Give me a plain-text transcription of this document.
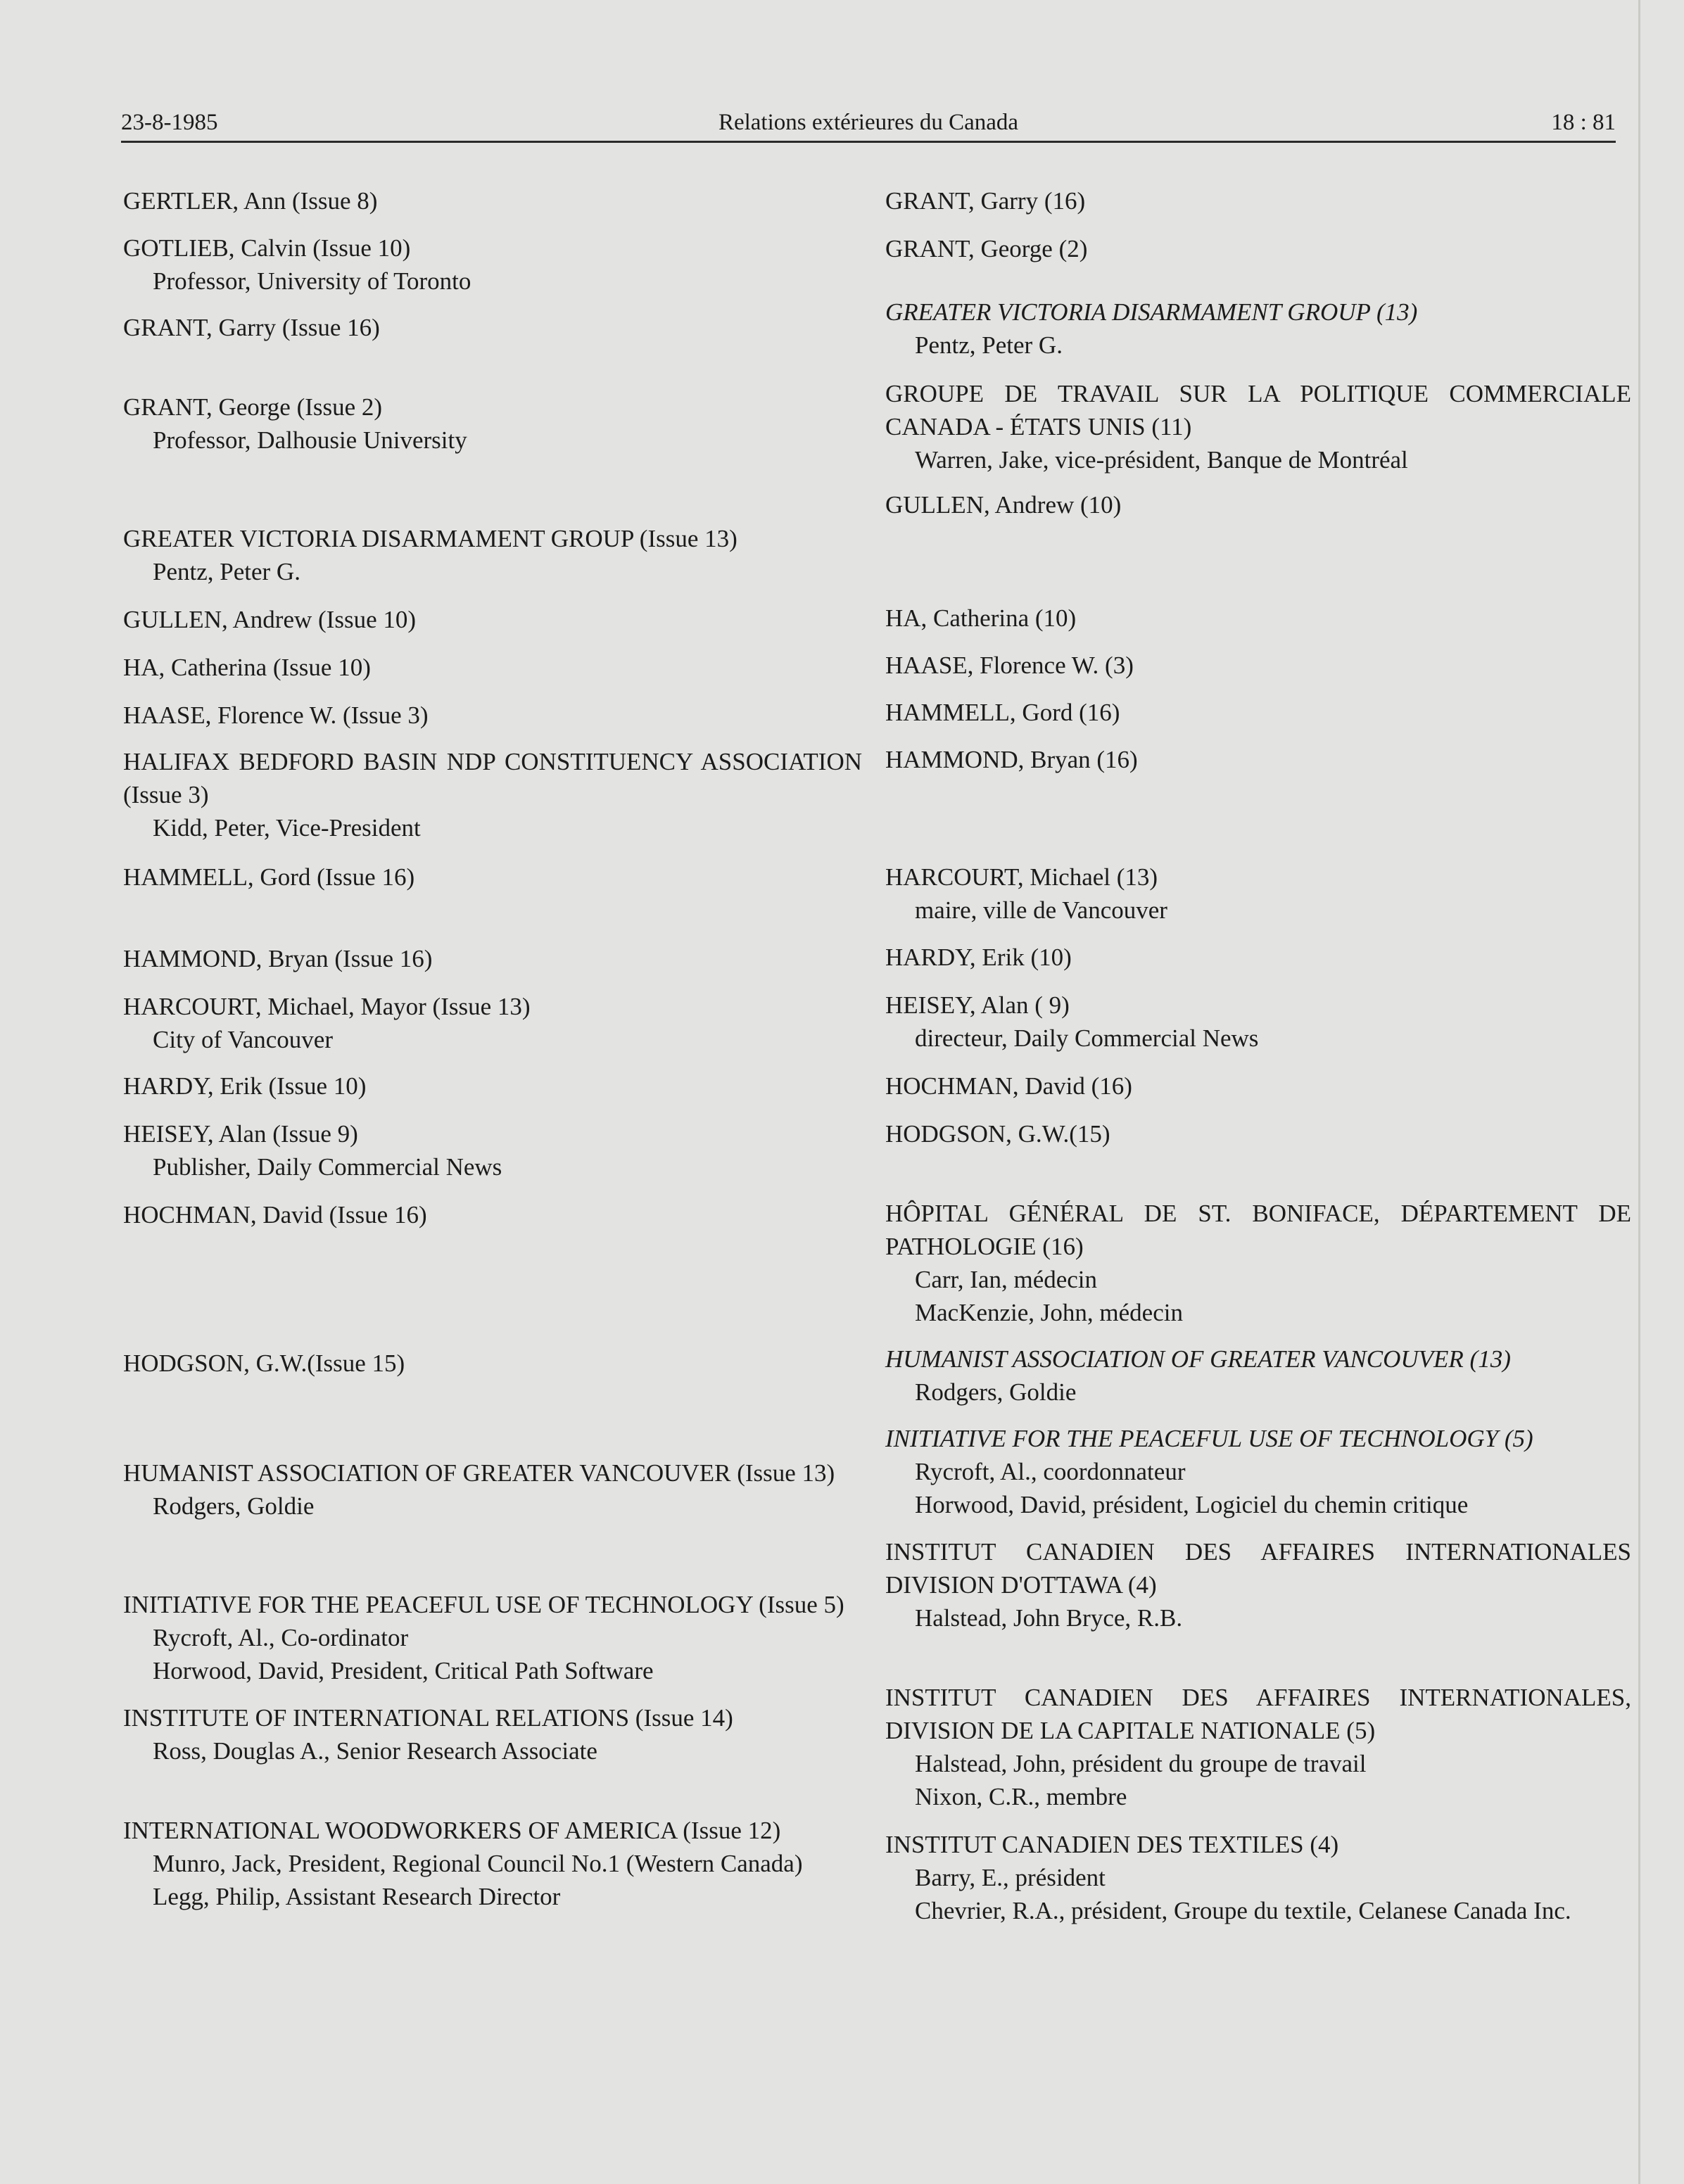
23-8-1985	Relations extérieures du Canada	18 : 81
GERTLER, Ann (Issue 8)
GOTLIEB, Calvin (Issue 10)
Professor, University of Toronto
GRANT, Garry (Issue 16)
GRANT, George (Issue 2)
Professor, Dalhousie University
GREATER VICTORIA DISARMAMENT GROUP (Issue 13)
Pentz, Peter G.
GULLEN, Andrew (Issue 10)
HA, Catherina (Issue 10)
HAASE, Florence W. (Issue 3)
HALIFAX BEDFORD BASIN NDP CONSTITUENCY ASSOCIATION (Issue 3)
Kidd, Peter, Vice-President
HAMMELL, Gord (Issue 16)
HAMMOND, Bryan (Issue 16)
HARCOURT, Michael, Mayor (Issue 13)
City of Vancouver
HARDY, Erik (Issue 10)
HEISEY, Alan (Issue 9)
Publisher, Daily Commercial News
HOCHMAN, David (Issue 16)
HODGSON, G.W.(Issue 15)
HUMANIST ASSOCIATION OF GREATER VANCOUVER (Issue 13)
Rodgers, Goldie
INITIATIVE FOR THE PEACEFUL USE OF TECHNOLOGY (Issue 5)
Rycroft, Al., Co-ordinator
Horwood, David, President, Critical Path Software
INSTITUTE OF INTERNATIONAL RELATIONS (Issue 14)
Ross, Douglas A., Senior Research Associate
INTERNATIONAL WOODWORKERS OF AMERICA (Issue 12)
Munro, Jack, President, Regional Council No.1 (Western Canada)
Legg, Philip, Assistant Research Director
GRANT, Garry (16)
GRANT, George (2)
GREATER VICTORIA DISARMAMENT GROUP (13)
Pentz, Peter G.
GROUPE DE TRAVAIL SUR LA POLITIQUE COMMERCIALE CANADA - ÉTATS UNIS (11)
Warren, Jake, vice-président, Banque de Montréal
GULLEN, Andrew (10)
HA, Catherina (10)
HAASE, Florence W. (3)
HAMMELL, Gord (16)
HAMMOND, Bryan (16)
HARCOURT, Michael (13)
maire, ville de Vancouver
HARDY, Erik (10)
HEISEY, Alan ( 9)
directeur, Daily Commercial News
HOCHMAN, David (16)
HODGSON, G.W.(15)
HÔPITAL GÉNÉRAL DE ST. BONIFACE, DÉPARTEMENT DE PATHOLOGIE (16)
Carr, Ian, médecin
MacKenzie, John, médecin
HUMANIST ASSOCIATION OF GREATER VANCOUVER (13)
Rodgers, Goldie
INITIATIVE FOR THE PEACEFUL USE OF TECHNOLOGY (5)
Rycroft, Al., coordonnateur
Horwood, David, président, Logiciel du chemin critique
INSTITUT CANADIEN DES AFFAIRES INTERNATIONALES DIVISION D'OTTAWA (4)
Halstead, John Bryce, R.B.
INSTITUT CANADIEN DES AFFAIRES INTERNATIONALES, DIVISION DE LA CAPITALE NATIONALE (5)
Halstead, John, président du groupe de travail
Nixon, C.R., membre
INSTITUT CANADIEN DES TEXTILES (4)
Barry, E., président
Chevrier, R.A., président, Groupe du textile, Celanese Canada Inc.
